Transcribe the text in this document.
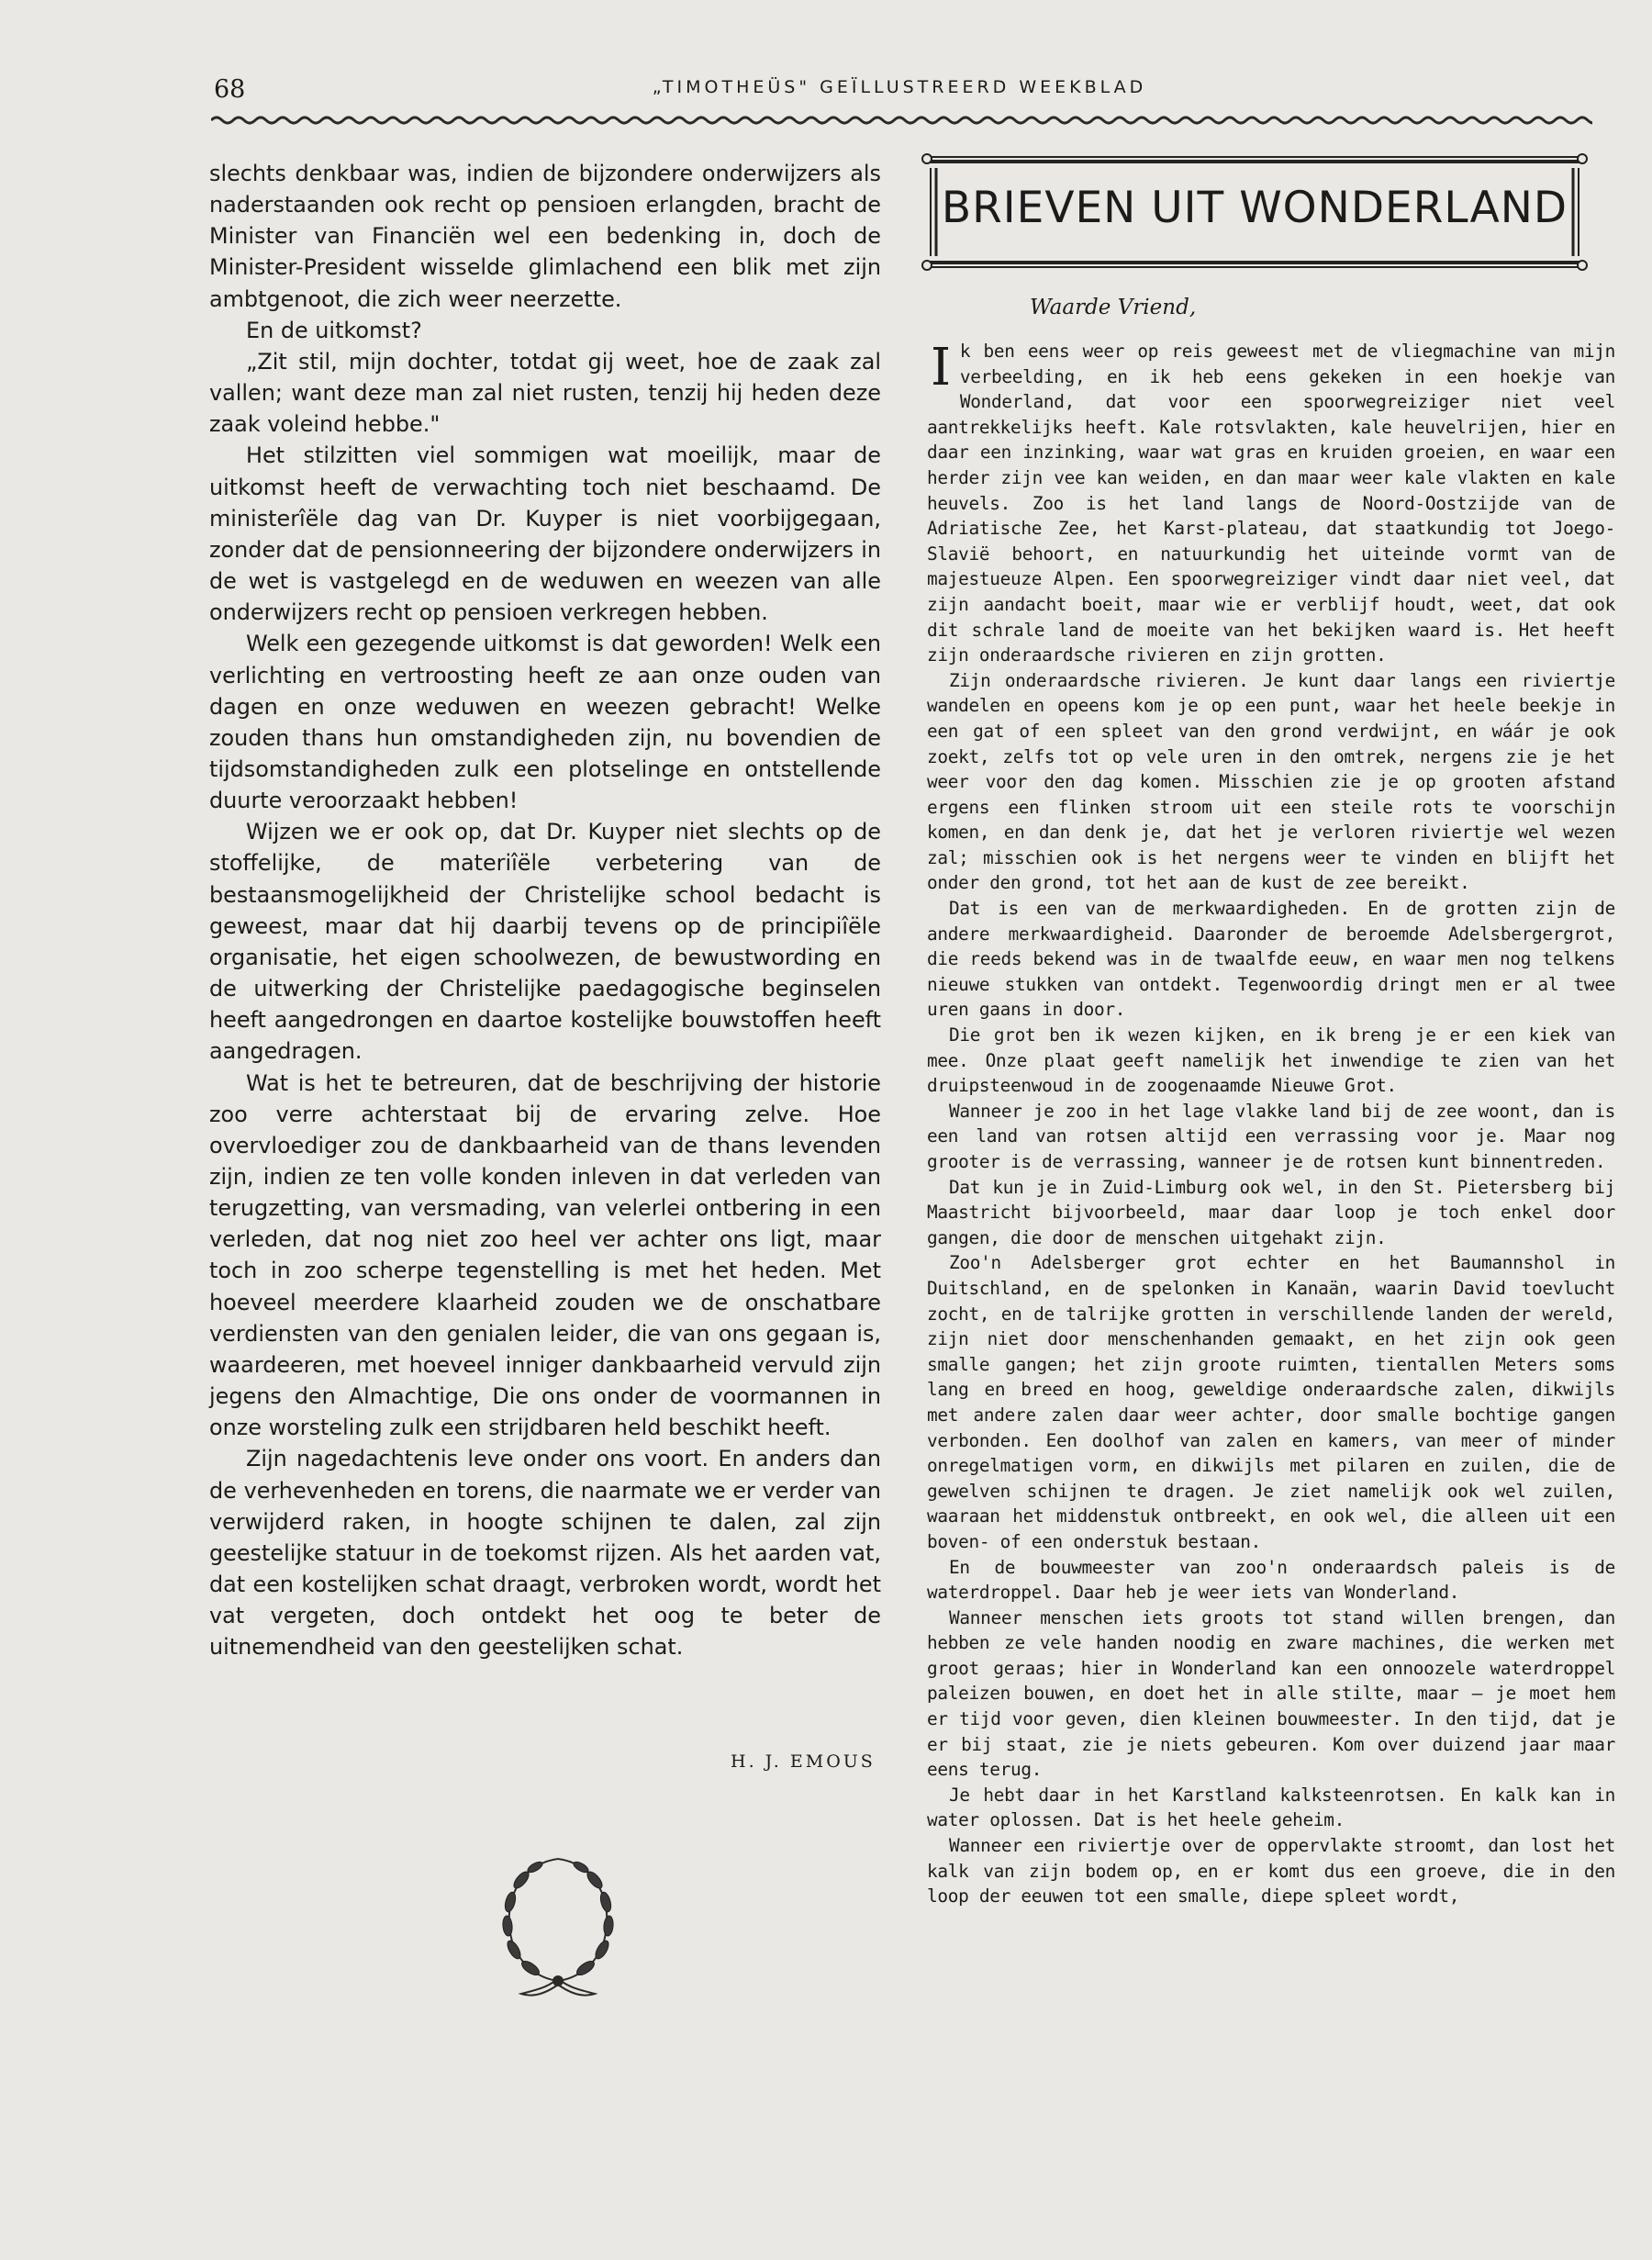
68	„TIMOTHEÜS" GEÏLLUSTREERD WEEKBLAD

slechts denkbaar was, indien de bijzondere onderwijzers als naderstaanden ook recht op pensioen erlangden, bracht de Minister van Financiën wel een bedenking in, doch de Minister-President wisselde glimlachend een blik met zijn ambtgenoot, die zich weer neerzette.

En de uitkomst?

„Zit stil, mijn dochter, totdat gij weet, hoe de zaak zal vallen; want deze man zal niet rusten, tenzij hij heden deze zaak voleind hebbe."

Het stilzitten viel sommigen wat moeilijk, maar de uitkomst heeft de verwachting toch niet beschaamd. De ministerîële dag van Dr. Kuyper is niet voorbijgegaan, zonder dat de pensionneering der bijzondere onderwijzers in de wet is vastgelegd en de weduwen en weezen van alle onderwijzers recht op pensioen verkregen hebben.

Welk een gezegende uitkomst is dat geworden! Welk een verlichting en vertroosting heeft ze aan onze ouden van dagen en onze weduwen en weezen gebracht! Welke zouden thans hun omstandigheden zijn, nu bovendien de tijdsomstandigheden zulk een plotselinge en ontstellende duurte veroorzaakt hebben!

Wijzen we er ook op, dat Dr. Kuyper niet slechts op de stoffelijke, de materiîële verbetering van de bestaansmogelijkheid der Christelijke school bedacht is geweest, maar dat hij daarbij tevens op de principiîële organisatie, het eigen schoolwezen, de bewustwording en de uitwerking der Christelijke paedagogische beginselen heeft aangedrongen en daartoe kostelijke bouwstoffen heeft aangedragen.

Wat is het te betreuren, dat de beschrijving der historie zoo verre achterstaat bij de ervaring zelve. Hoe overvloediger zou de dankbaarheid van de thans levenden zijn, indien ze ten volle konden inleven in dat verleden van terugzetting, van versmading, van velerlei ontbering in een verleden, dat nog niet zoo heel ver achter ons ligt, maar toch in zoo scherpe tegenstelling is met het heden. Met hoeveel meerdere klaarheid zouden we de onschatbare verdiensten van den genialen leider, die van ons gegaan is, waardeeren, met hoeveel inniger dankbaarheid vervuld zijn jegens den Almachtige, Die ons onder de voormannen in onze worsteling zulk een strijdbaren held beschikt heeft.

Zijn nagedachtenis leve onder ons voort. En anders dan de verhevenheden en torens, die naarmate we er verder van verwijderd raken, in hoogte schijnen te dalen, zal zijn geestelijke statuur in de toekomst rijzen. Als het aarden vat, dat een kostelijken schat draagt, verbroken wordt, wordt het vat vergeten, doch ontdekt het oog te beter de uitnemendheid van den geestelijken schat.

H. J. EMOUS
BRIEVEN UIT WONDERLAND
Waarde Vriend,

Ik ben eens weer op reis geweest met de vliegmachine van mijn verbeelding, en ik heb eens gekeken in een hoekje van Wonderland, dat voor een spoorwegreiziger niet veel aantrekkelijks heeft. Kale rotsvlakten, kale heuvelrijen, hier en daar een inzinking, waar wat gras en kruiden groeien, en waar een herder zijn vee kan weiden, en dan maar weer kale vlakten en kale heuvels. Zoo is het land langs de Noord-Oostzijde van de Adriatische Zee, het Karst-plateau, dat staatkundig tot Joego-Slavië behoort, en natuurkundig het uiteinde vormt van de majestueuze Alpen. Een spoorwegreiziger vindt daar niet veel, dat zijn aandacht boeit, maar wie er verblijf houdt, weet, dat ook dit schrale land de moeite van het bekijken waard is. Het heeft zijn onderaardsche rivieren en zijn grotten.

Zijn onderaardsche rivieren. Je kunt daar langs een riviertje wandelen en opeens kom je op een punt, waar het heele beekje in een gat of een spleet van den grond verdwijnt, en wáár je ook zoekt, zelfs tot op vele uren in den omtrek, nergens zie je het weer voor den dag komen. Misschien zie je op grooten afstand ergens een flinken stroom uit een steile rots te voorschijn komen, en dan denk je, dat het je verloren riviertje wel wezen zal; misschien ook is het nergens weer te vinden en blijft het onder den grond, tot het aan de kust de zee bereikt.

Dat is een van de merkwaardigheden. En de grotten zijn de andere merkwaardigheid. Daaronder de beroemde Adelsbergergrot, die reeds bekend was in de twaalfde eeuw, en waar men nog telkens nieuwe stukken van ontdekt. Tegenwoordig dringt men er al twee uren gaans in door.

Die grot ben ik wezen kijken, en ik breng je er een kiek van mee. Onze plaat geeft namelijk het inwendige te zien van het druipsteenwoud in de zoogenaamde Nieuwe Grot.

Wanneer je zoo in het lage vlakke land bij de zee woont, dan is een land van rotsen altijd een verrassing voor je. Maar nog grooter is de verrassing, wanneer je de rotsen kunt binnentreden.

Dat kun je in Zuid-Limburg ook wel, in den St. Pietersberg bij Maastricht bijvoorbeeld, maar daar loop je toch enkel door gangen, die door de menschen uitgehakt zijn.

Zoo'n Adelsberger grot echter en het Baumannshol in Duitschland, en de spelonken in Kanaän, waarin David toevlucht zocht, en de talrijke grotten in verschillende landen der wereld, zijn niet door menschenhanden gemaakt, en het zijn ook geen smalle gangen; het zijn groote ruimten, tientallen Meters soms lang en breed en hoog, geweldige onderaardsche zalen, dikwijls met andere zalen daar weer achter, door smalle bochtige gangen verbonden. Een doolhof van zalen en kamers, van meer of minder onregelmatigen vorm, en dikwijls met pilaren en zuilen, die de gewelven schijnen te dragen. Je ziet namelijk ook wel zuilen, waaraan het middenstuk ontbreekt, en ook wel, die alleen uit een boven- of een onderstuk bestaan.

En de bouwmeester van zoo'n onderaardsch paleis is de waterdroppel. Daar heb je weer iets van Wonderland.

Wanneer menschen iets groots tot stand willen brengen, dan hebben ze vele handen noodig en zware machines, die werken met groot geraas; hier in Wonderland kan een onnoozele waterdroppel paleizen bouwen, en doet het in alle stilte, maar — je moet hem er tijd voor geven, dien kleinen bouwmeester. In den tijd, dat je er bij staat, zie je niets gebeuren. Kom over duizend jaar maar eens terug.

Je hebt daar in het Karstland kalksteenrotsen. En kalk kan in water oplossen. Dat is het heele geheim.

Wanneer een riviertje over de oppervlakte stroomt, dan lost het kalk van zijn bodem op, en er komt dus een groeve, die in den loop der eeuwen tot een smalle, diepe spleet wordt,
